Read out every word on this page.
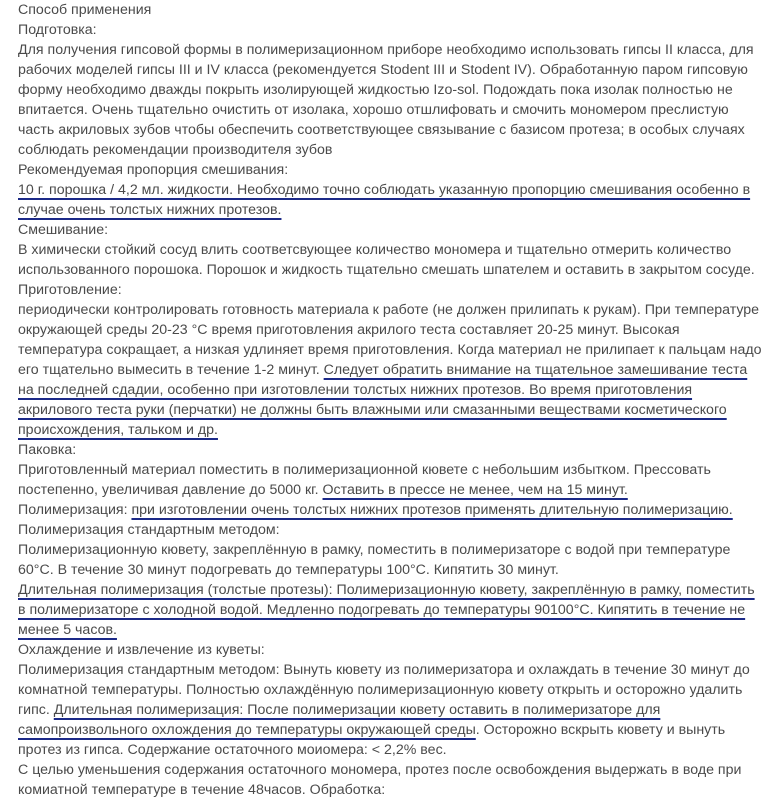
Способ применения
Подготовка:
Для получения гипсовой формы в полимеризационном приборе необходимо использовать гипсы II класса, для
рабочих моделей гипсы III и IV класса (рекомендуется Stodent III и Stodent IV). Обработанную паром гипсовую
форму необходимо дважды покрыть изолирующей жидкостью Izo-sol. Подождать пока изолак полностью не
впитается. Очень тщательно очистить от изолака, хорошо отшлифовать и смочить мономером преслистую
часть акриловых зубов чтобы обеспечить соответствующее связывание с базисом протеза; в особых случаях
соблюдать рекомендации производителя зубов
Рекомендуемая пропорция смешивания:
10 г. порошка / 4,2 мл. жидкости. Необходимо точно соблюдать указанную пропорцию смешивания особенно в
случае очень толстых нижних протезов.
Смешивание:
В химически стойкий сосуд влить соответсвующее количество мономера и тщательно отмерить количество
использованного порошока. Порошок и жидкость тщательно смешать шпателем и оставить в закрытом сосуде.
Приготовление:
периодически контролировать готовность материала к работе (не должен прилипать к рукам). При температуре
окружающей среды 20-23 °C время приготовления акрилого теста составляет 20-25 минут. Высокая
температура сокращает, а низкая удлиняет время приготовления. Когда материал не прилипает к пальцам надо
его тщательно вымесить в течение 1-2 минут. Следует обратить внимание на тщательное замешивание теста
на последней сдадии, особенно при изготовлении толстых нижних протезов. Во время приготовления
акрилового теста руки (перчатки) не должны быть влажными или смазанными веществами косметического
происхождения, тальком и др.
Паковка:
Приготовленный материал поместить в полимеризационной кювете с небольшим избытком. Прессовать
постепенно, увеличивая давление до 5000 кг. Оставить в прессе не менее, чем на 15 минут.
Полимеризация: при изготовлении очень толстых нижних протезов применять длительную полимеризацию.
Полимеризация стандартным методом:
Полимеризационную кювету, закреплённую в рамку, поместить в полимеризаторе с водой при температуре
60°C. В течение 30 минут подогревать до температуры 100°C. Кипятить 30 минут.
Длительная полимеризация (толстые протезы): Полимеризационную кювету, закреплённую в рамку, поместить
в полимеризаторе с холодной водой. Медленно подогревать до температуры 90100°C. Кипятить в течение не
менее 5 часов.
Охлаждение и извлечение из куветы:
Полимеризация стандартным методом: Вынуть кювету из полимеризатора и охлаждать в течение 30 минут до
комнатной температуры. Полностью охлаждённую полимеризационную кювету открыть и осторожно удалить
гипс. Длительная полимеризация: После полимеризации кювету оставить в полимеризаторе для
самопроизвольного охлождения до температуры окружающей среды. Осторожно вскрыть кювету и вынуть
протез из гипса. Содержание остаточного моиомера: < 2,2% вес.
С целью уменьшения содержания остаточного мономера, протез после освобождения выдержать в воде при
комиатной температуре в течение 48часов. Обработка:
